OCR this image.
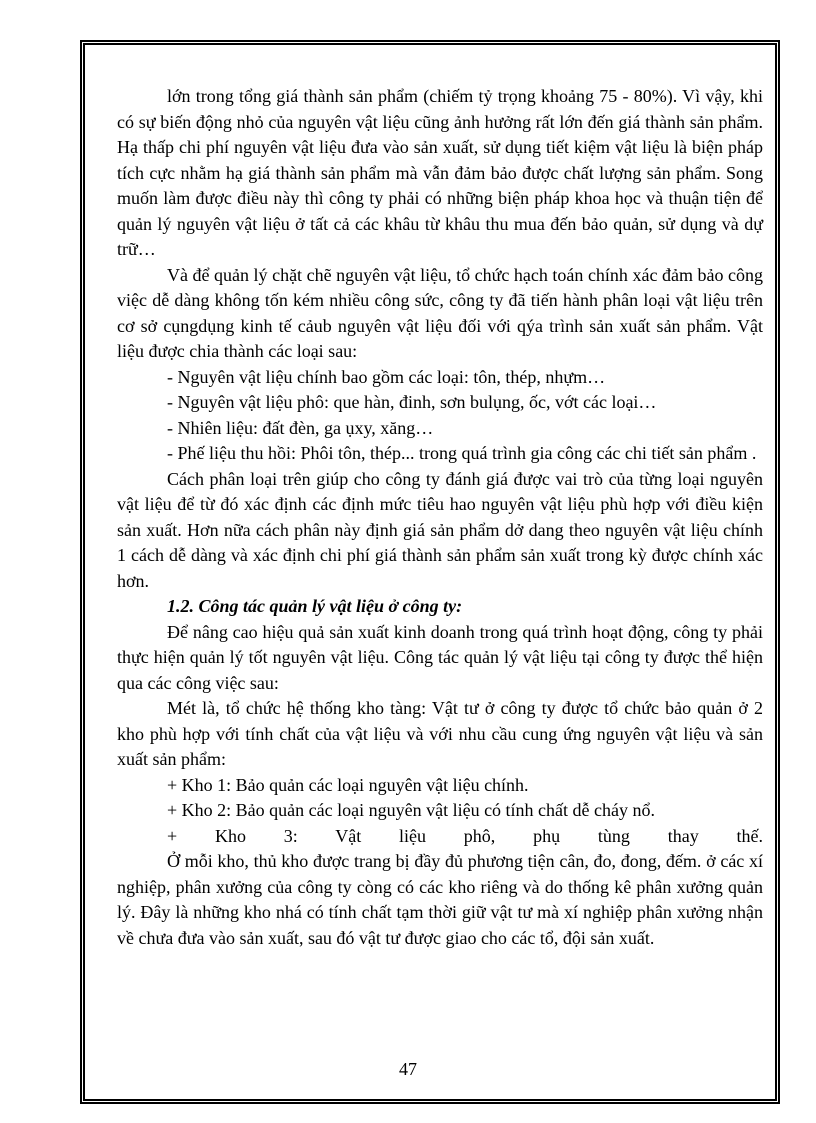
lớn trong tổng giá thành sản phẩm (chiếm tỷ trọng khoảng 75 - 80%). Vì vậy, khi có sự biến động nhỏ của nguyên vật liệu cũng ảnh hưởng rất lớn đến giá thành sản phẩm. Hạ thấp chi phí nguyên vật liệu đưa vào sản xuất, sử dụng tiết kiệm vật liệu là biện pháp tích cực nhằm hạ giá thành sản phẩm mà vẫn đảm bảo được chất lượng sản phẩm. Song muốn làm được điều này thì công ty phải có những biện pháp khoa học và thuận tiện để quản lý nguyên vật liệu ở tất cả các khâu từ khâu thu mua đến bảo quản, sử dụng và dự trữ…

Và để quản lý chặt chẽ nguyên vật liệu, tổ chức hạch toán chính xác đảm bảo công việc dễ dàng không tốn kém nhiều công sức, công ty đã tiến hành phân loại vật liệu trên cơ sở cụngdụng kinh tế cảub nguyên vật liệu đối với qýa trình sản xuất sản phẩm. Vật liệu được chia thành các loại sau:

- Nguyên vật liệu chính bao gồm các loại: tôn, thép, nhựm…

- Nguyên vật liệu phô: que hàn, đinh, sơn bulụng, ốc, vớt các loại…

- Nhiên liệu: đất đèn, ga ụxy, xăng…

- Phế liệu thu hồi: Phôi tôn, thép... trong quá trình gia công các chi tiết sản phẩm .

Cách phân loại trên giúp cho công ty đánh giá được vai trò của từng loại nguyên vật liệu để từ đó xác định các định mức tiêu hao nguyên vật liệu phù hợp với điều kiện sản xuất. Hơn nữa cách phân này định giá sản phẩm dở dang theo nguyên vật liệu chính 1 cách dễ dàng và xác định chi phí giá thành sản phẩm sản xuất trong kỳ được chính xác hơn.

1.2. Công tác quản lý vật liệu ở công ty:

Để nâng cao hiệu quả sản xuất kinh doanh trong quá trình hoạt động, công ty phải thực hiện quản lý tốt nguyên vật liệu. Công tác quản lý vật liệu tại công ty được thể hiện qua các công việc sau:

Mét là, tổ chức hệ thống kho tàng: Vật tư ở công ty được tổ chức bảo quản ở 2 kho phù hợp với tính chất của vật liệu và với nhu cầu cung ứng nguyên vật liệu và sản xuất sản phẩm:

+ Kho 1: Bảo quản các loại nguyên vật liệu chính.

+ Kho 2: Bảo quản các loại nguyên vật liệu có tính chất dễ cháy nổ.

+ Kho 3: Vật liệu phô, phụ tùng thay thế.

Ở mỗi kho, thủ kho được trang bị đầy đủ phương tiện cân, đo, đong, đếm. ở các xí nghiệp, phân xưởng của công ty còng có các kho riêng và do thống kê phân xưởng quản lý. Đây là những kho nhá có tính chất tạm thời giữ vật tư mà xí nghiệp phân xưởng nhận về chưa đưa vào sản xuất, sau đó vật tư được giao cho các tổ, đội sản xuất.

47
